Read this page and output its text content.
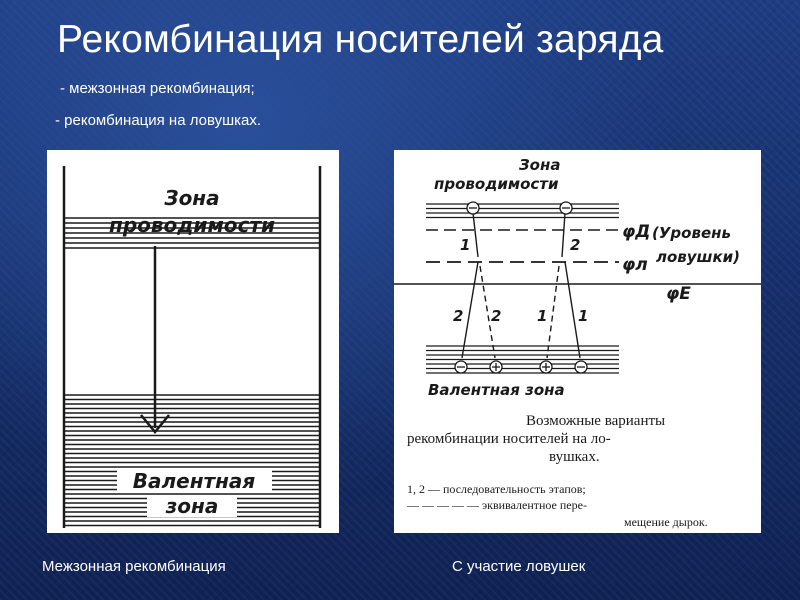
Рекомбинация носителей заряда
- межзонная рекомбинация;
- рекомбинация на ловушках.
Зона
проводимости
Валентная
зона
Зона
проводимости
1	2
2 2 1 1
φД
φл
φE
(Уровень
ловушки)
Валентная зона
Возможные варианты
рекомбинации носителей на ло-
вушках.
1, 2 — последовательность этапов;
— — — — — эквивалентное пере-
мещение дырок.
Межзонная рекомбинация	С участие ловушек
